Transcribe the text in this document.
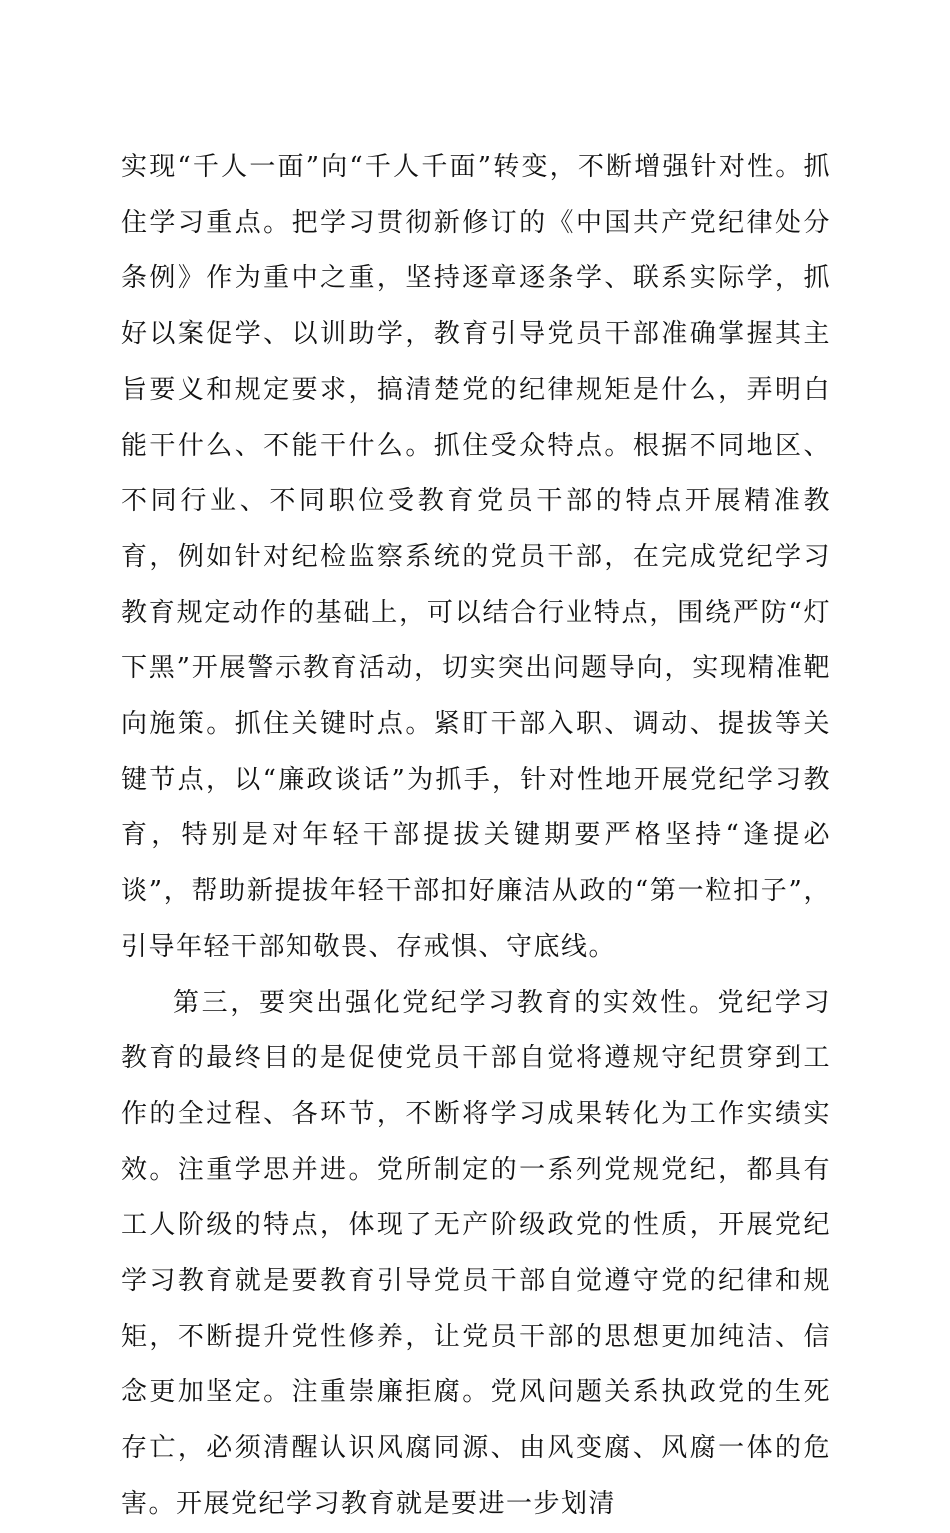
实现“千人一面”向“千人千面”转变，不断增强针对性。抓住学习重点。把学习贯彻新修订的《中国共产党纪律处分条例》作为重中之重，坚持逐章逐条学、联系实际学，抓好以案促学、以训助学，教育引导党员干部准确掌握其主旨要义和规定要求，搞清楚党的纪律规矩是什么，弄明白能干什么、不能干什么。抓住受众特点。根据不同地区、不同行业、不同职位受教育党员干部的特点开展精准教育，例如针对纪检监察系统的党员干部，在完成党纪学习教育规定动作的基础上，可以结合行业特点，围绕严防“灯下黑”开展警示教育活动，切实突出问题导向，实现精准靶向施策。抓住关键时点。紧盯干部入职、调动、提拔等关键节点，以“廉政谈话”为抓手，针对性地开展党纪学习教育，特别是对年轻干部提拔关键期要严格坚持“逢提必谈”，帮助新提拔年轻干部扣好廉洁从政的“第一粒扣子”，引导年轻干部知敬畏、存戒惧、守底线。

第三，要突出强化党纪学习教育的实效性。党纪学习教育的最终目的是促使党员干部自觉将遵规守纪贯穿到工作的全过程、各环节，不断将学习成果转化为工作实绩实效。注重学思并进。党所制定的一系列党规党纪，都具有工人阶级的特点，体现了无产阶级政党的性质，开展党纪学习教育就是要教育引导党员干部自觉遵守党的纪律和规矩，不断提升党性修养，让党员干部的思想更加纯洁、信念更加坚定。注重崇廉拒腐。党风问题关系执政党的生死存亡，必须清醒认识风腐同源、由风变腐、风腐一体的危害。开展党纪学习教育就是要进一步划清
